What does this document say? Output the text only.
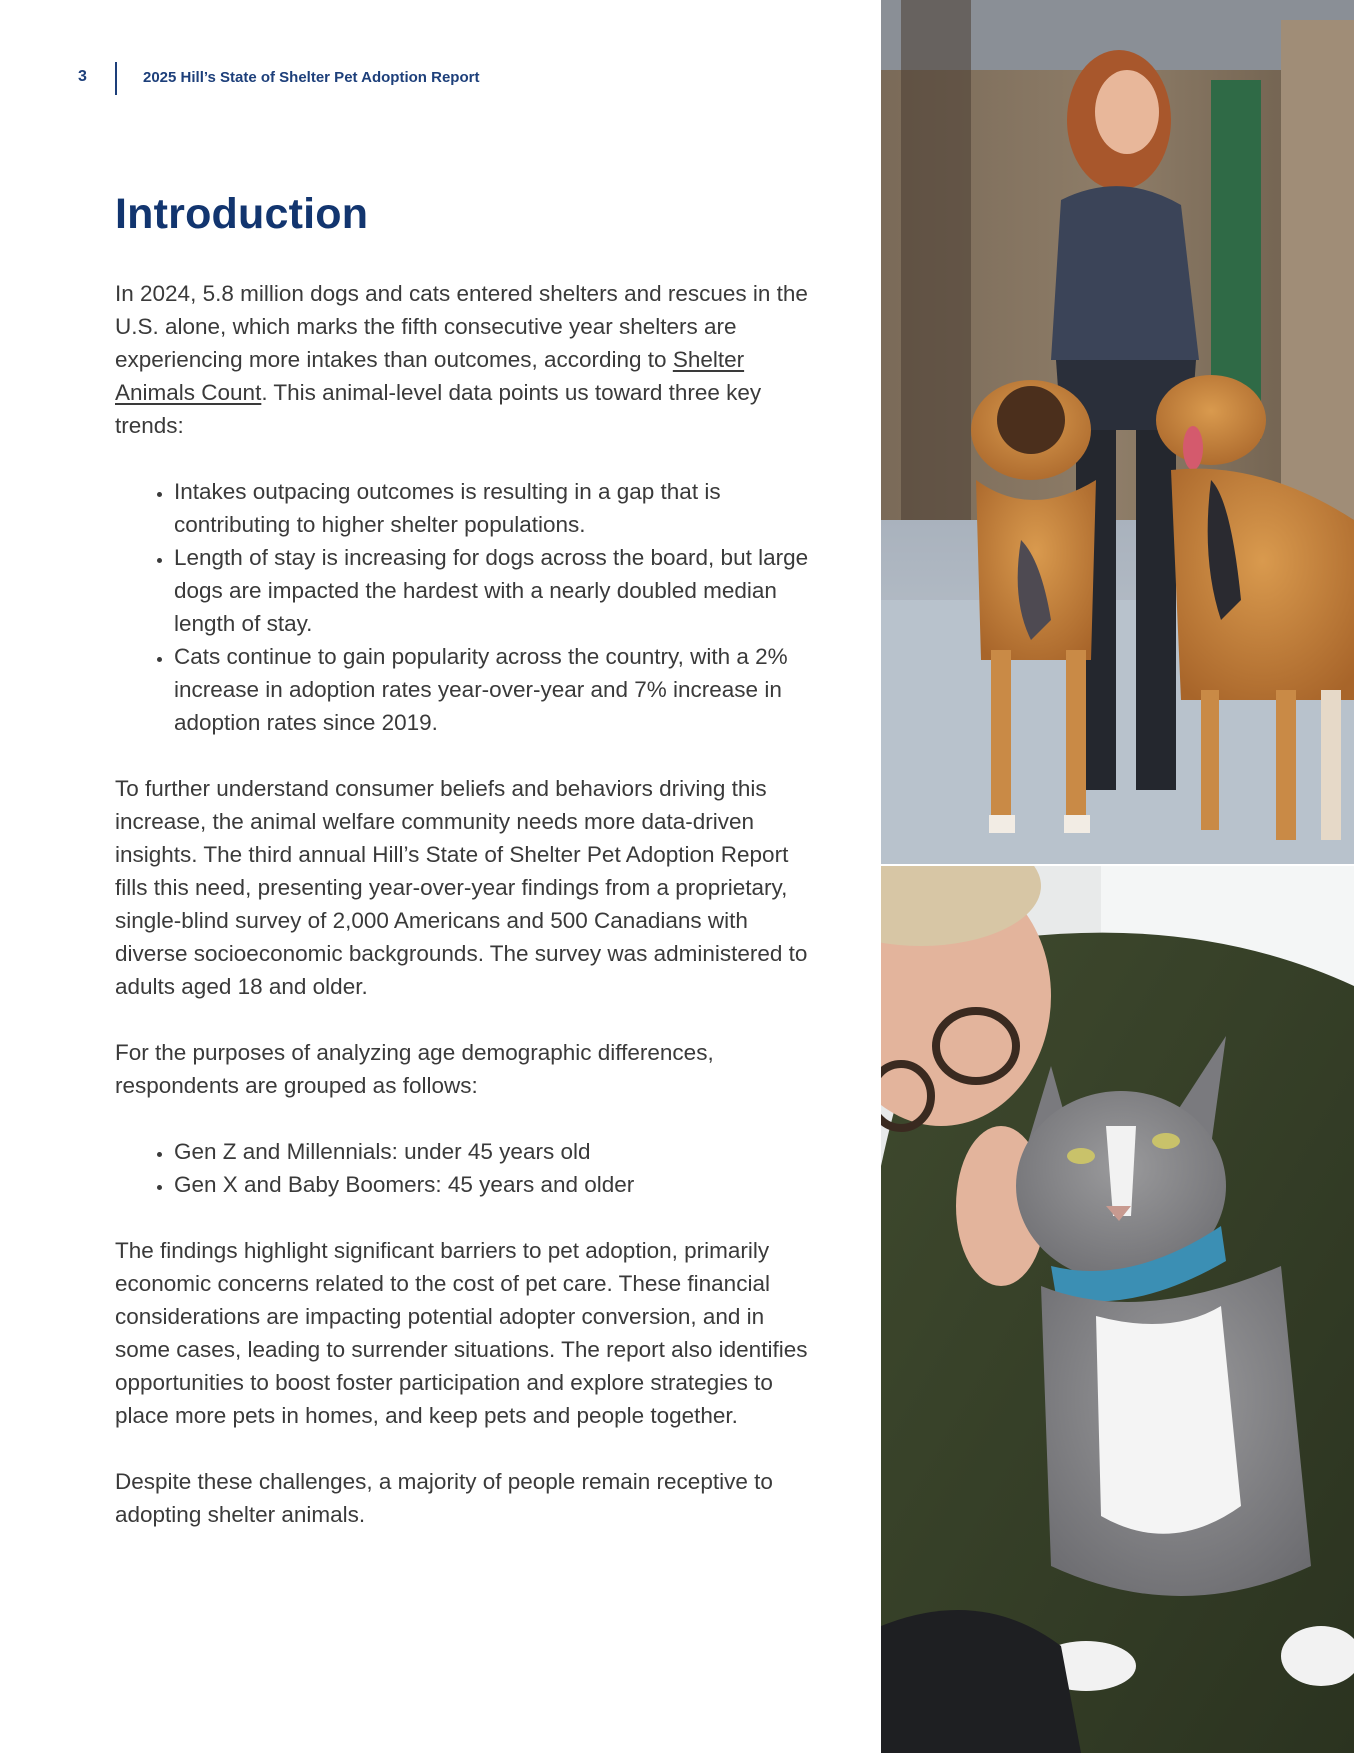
3	2025 Hill’s State of Shelter Pet Adoption Report
Introduction

In 2024, 5.8 million dogs and cats entered shelters and rescues in the U.S. alone, which marks the fifth consecutive year shelters are experiencing more intakes than outcomes, according to Shelter Animals Count. This animal-level data points us toward three key trends:

• Intakes outpacing outcomes is resulting in a gap that is contributing to higher shelter populations.
• Length of stay is increasing for dogs across the board, but large dogs are impacted the hardest with a nearly doubled median length of stay.
• Cats continue to gain popularity across the country, with a 2% increase in adoption rates year-over-year and 7% increase in adoption rates since 2019.

To further understand consumer beliefs and behaviors driving this increase, the animal welfare community needs more data-driven insights. The third annual Hill’s State of Shelter Pet Adoption Report fills this need, presenting year-over-year findings from a proprietary, single-blind survey of 2,000 Americans and 500 Canadians with diverse socioeconomic backgrounds. The survey was administered to adults aged 18 and older.

For the purposes of analyzing age demographic differences, respondents are grouped as follows:

• Gen Z and Millennials: under 45 years old
• Gen X and Baby Boomers: 45 years and older

The findings highlight significant barriers to pet adoption, primarily economic concerns related to the cost of pet care. These financial considerations are impacting potential adopter conversion, and in some cases, leading to surrender situations. The report also identifies opportunities to boost foster participation and explore strategies to place more pets in homes, and keep pets and people together.

Despite these challenges, a majority of people remain receptive to adopting shelter animals.
